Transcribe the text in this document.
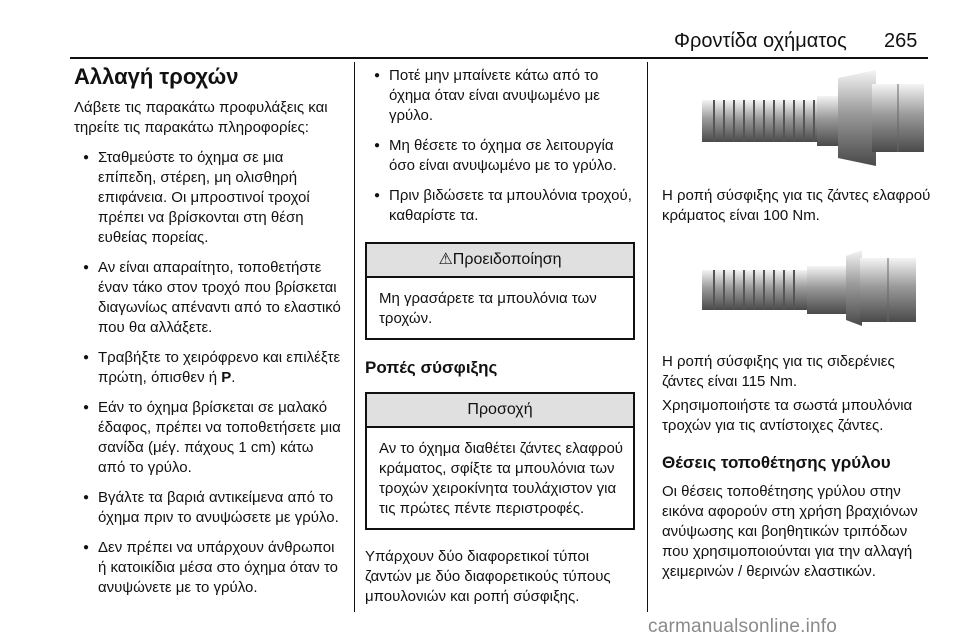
Φροντίδα οχήματος 265
Αλλαγή τροχών

Λάβετε τις παρακάτω προφυλάξεις και τηρείτε τις παρακάτω πληροφορίες:

● Σταθμεύστε το όχημα σε μια επίπεδη, στέρεη, μη ολισθηρή επιφάνεια. Οι μπροστινοί τροχοί πρέπει να βρίσκονται στη θέση ευθείας πορείας.
● Αν είναι απαραίτητο, τοποθετήστε έναν τάκο στον τροχό που βρίσκεται διαγωνίως απέναντι από το ελαστικό που θα αλλάξετε.
● Τραβήξτε το χειρόφρενο και επιλέξτε πρώτη, όπισθεν ή P.
● Εάν το όχημα βρίσκεται σε μαλακό έδαφος, πρέπει να τοποθετήσετε μια σανίδα (μέγ. πάχους 1 cm) κάτω από το γρύλο.
● Βγάλτε τα βαριά αντικείμενα από το όχημα πριν το ανυψώσετε με γρύλο.
● Δεν πρέπει να υπάρχουν άνθρωποι ή κατοικίδια μέσα στο όχημα όταν το ανυψώνετε με το γρύλο.
● Ποτέ μην μπαίνετε κάτω από το όχημα όταν είναι ανυψωμένο με γρύλο.
● Μη θέσετε το όχημα σε λειτουργία όσο είναι ανυψωμένο με το γρύλο.
● Πριν βιδώσετε τα μπουλόνια τροχού, καθαρίστε τα.
⚠Προειδοποίηση
Μη γρασάρετε τα μπουλόνια των τροχών.
Ροπές σύσφιξης
Προσοχή
Αν το όχημα διαθέτει ζάντες ελαφρού κράματος, σφίξτε τα μπουλόνια των τροχών χειροκίνητα τουλάχιστον για τις πρώτες πέντε περιστροφές.

Υπάρχουν δύο διαφορετικοί τύποι ζαντών με δύο διαφορετικούς τύπους μπουλονιών και ροπή σύσφιξης.

Η ροπή σύσφιξης για τις ζάντες ελαφρού κράματος είναι 100 Nm.

Η ροπή σύσφιξης για τις σιδερένιες ζάντες είναι 115 Nm.

Χρησιμοποιήστε τα σωστά μπουλόνια τροχών για τις αντίστοιχες ζάντες.

Θέσεις τοποθέτησης γρύλου

Οι θέσεις τοποθέτησης γρύλου στην εικόνα αφορούν στη χρήση βραχιόνων ανύψωσης και βοηθητικών τριπόδων που χρησιμοποιούνται για την αλλαγή χειμερινών / θερινών ελαστικών.

carmanualsonline.info
